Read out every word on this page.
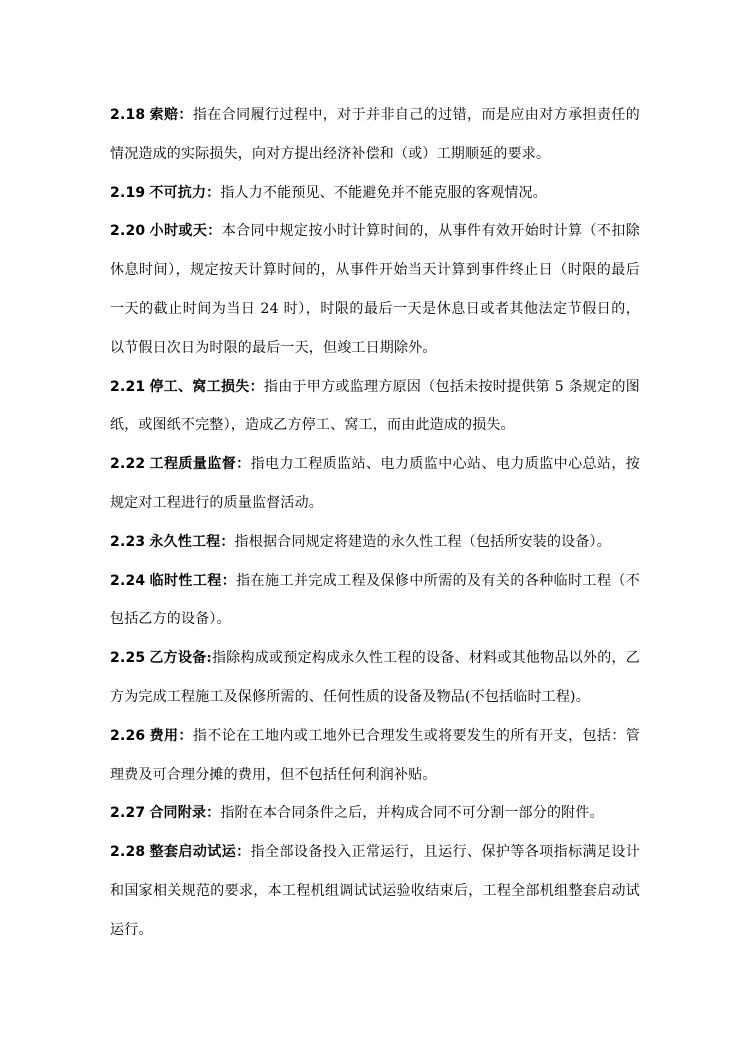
2.18 索赔：指在合同履行过程中，对于并非自己的过错，而是应由对方承担责任的情况造成的实际损失，向对方提出经济补偿和（或）工期顺延的要求。

2.19 不可抗力：指人力不能预见、不能避免并不能克服的客观情况。

2.20 小时或天：本合同中规定按小时计算时间的，从事件有效开始时计算（不扣除休息时间），规定按天计算时间的，从事件开始当天计算到事件终止日（时限的最后一天的截止时间为当日 24 时），时限的最后一天是休息日或者其他法定节假日的，以节假日次日为时限的最后一天，但竣工日期除外。

2.21 停工、窝工损失：指由于甲方或监理方原因（包括未按时提供第 5 条规定的图纸，或图纸不完整），造成乙方停工、窝工，而由此造成的损失。

2.22 工程质量监督：指电力工程质监站、电力质监中心站、电力质监中心总站，按规定对工程进行的质量监督活动。

2.23 永久性工程：指根据合同规定将建造的永久性工程（包括所安装的设备）。

2.24 临时性工程：指在施工并完成工程及保修中所需的及有关的各种临时工程（不包括乙方的设备）。

2.25 乙方设备:指除构成或预定构成永久性工程的设备、材料或其他物品以外的，乙方为完成工程施工及保修所需的、任何性质的设备及物品(不包括临时工程)。

2.26 费用：指不论在工地内或工地外已合理发生或将要发生的所有开支，包括：管理费及可合理分摊的费用，但不包括任何利润补贴。

2.27 合同附录：指附在本合同条件之后，并构成合同不可分割一部分的附件。

2.28 整套启动试运：指全部设备投入正常运行，且运行、保护等各项指标满足设计和国家相关规范的要求，本工程机组调试试运验收结束后，工程全部机组整套启动试运行。
